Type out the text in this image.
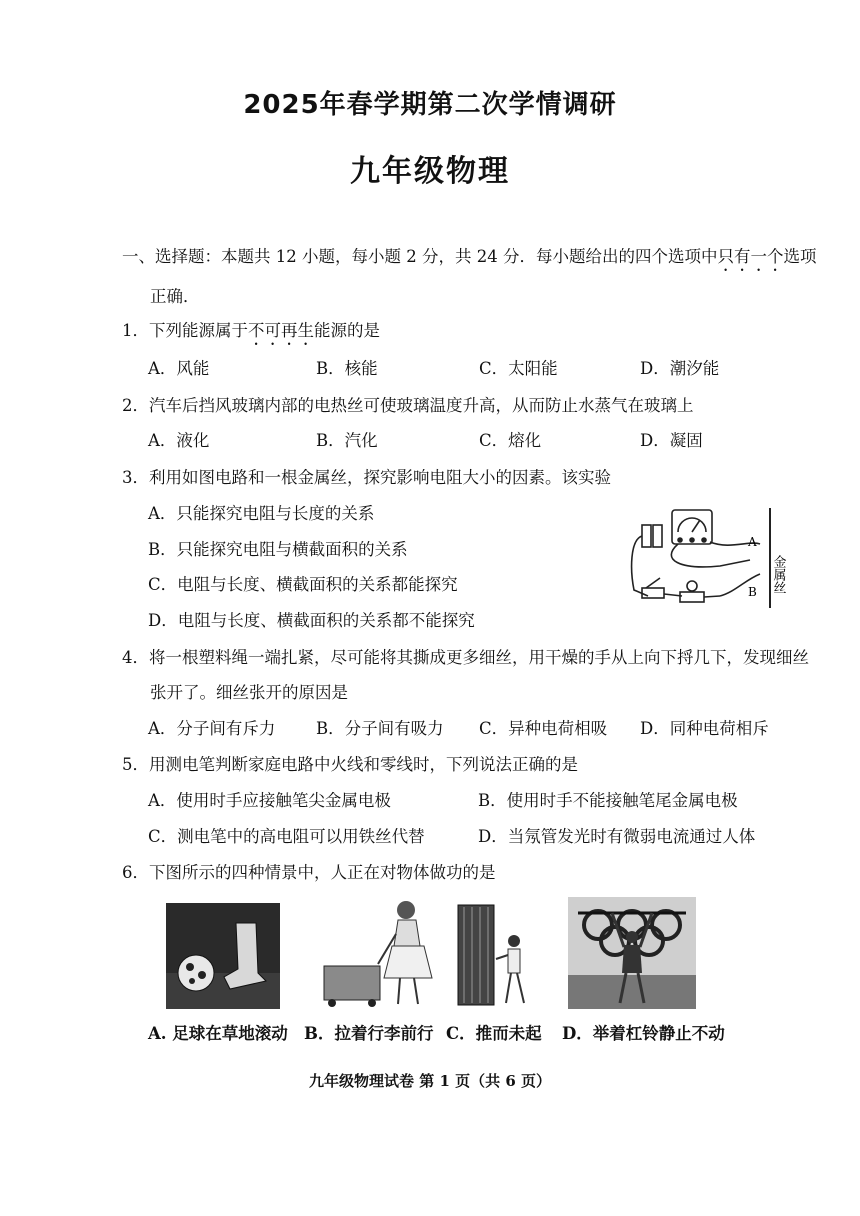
2025年春学期第二次学情调研
九年级物理
一、选择题：本题共 12 小题，每小题 2 分，共 24 分．每小题给出的四个选项中只有一个选项
正确．
1．下列能源属于不可再生能源的是
A．风能	B．核能	C．太阳能	D．潮汐能
2．汽车后挡风玻璃内部的电热丝可使玻璃温度升高，从而防止水蒸气在玻璃上
A．液化	B．汽化	C．熔化	D．凝固
3．利用如图电路和一根金属丝，探究影响电阻大小的因素。该实验
A．只能探究电阻与长度的关系
B．只能探究电阻与横截面积的关系
C．电阻与长度、横截面积的关系都能探究
D．电阻与长度、横截面积的关系都不能探究
A
B 金属丝
4．将一根塑料绳一端扎紧，尽可能将其撕成更多细丝，用干燥的手从上向下捋几下，发现细丝
张开了。细丝张开的原因是
A．分子间有斥力 B．分子间有吸力 C．异种电荷相吸 D．同种电荷相斥
5．用测电笔判断家庭电路中火线和零线时，下列说法正确的是
A．使用时手应接触笔尖金属电极	B．使用时手不能接触笔尾金属电极
C．测电笔中的高电阻可以用铁丝代替	D．当氖管发光时有微弱电流通过人体
6．下图所示的四种情景中，人正在对物体做功的是
A. 足球在草地滚动 B．拉着行李前行 C．推而未起 D．举着杠铃静止不动
九年级物理试卷 第 1 页（共 6 页）
